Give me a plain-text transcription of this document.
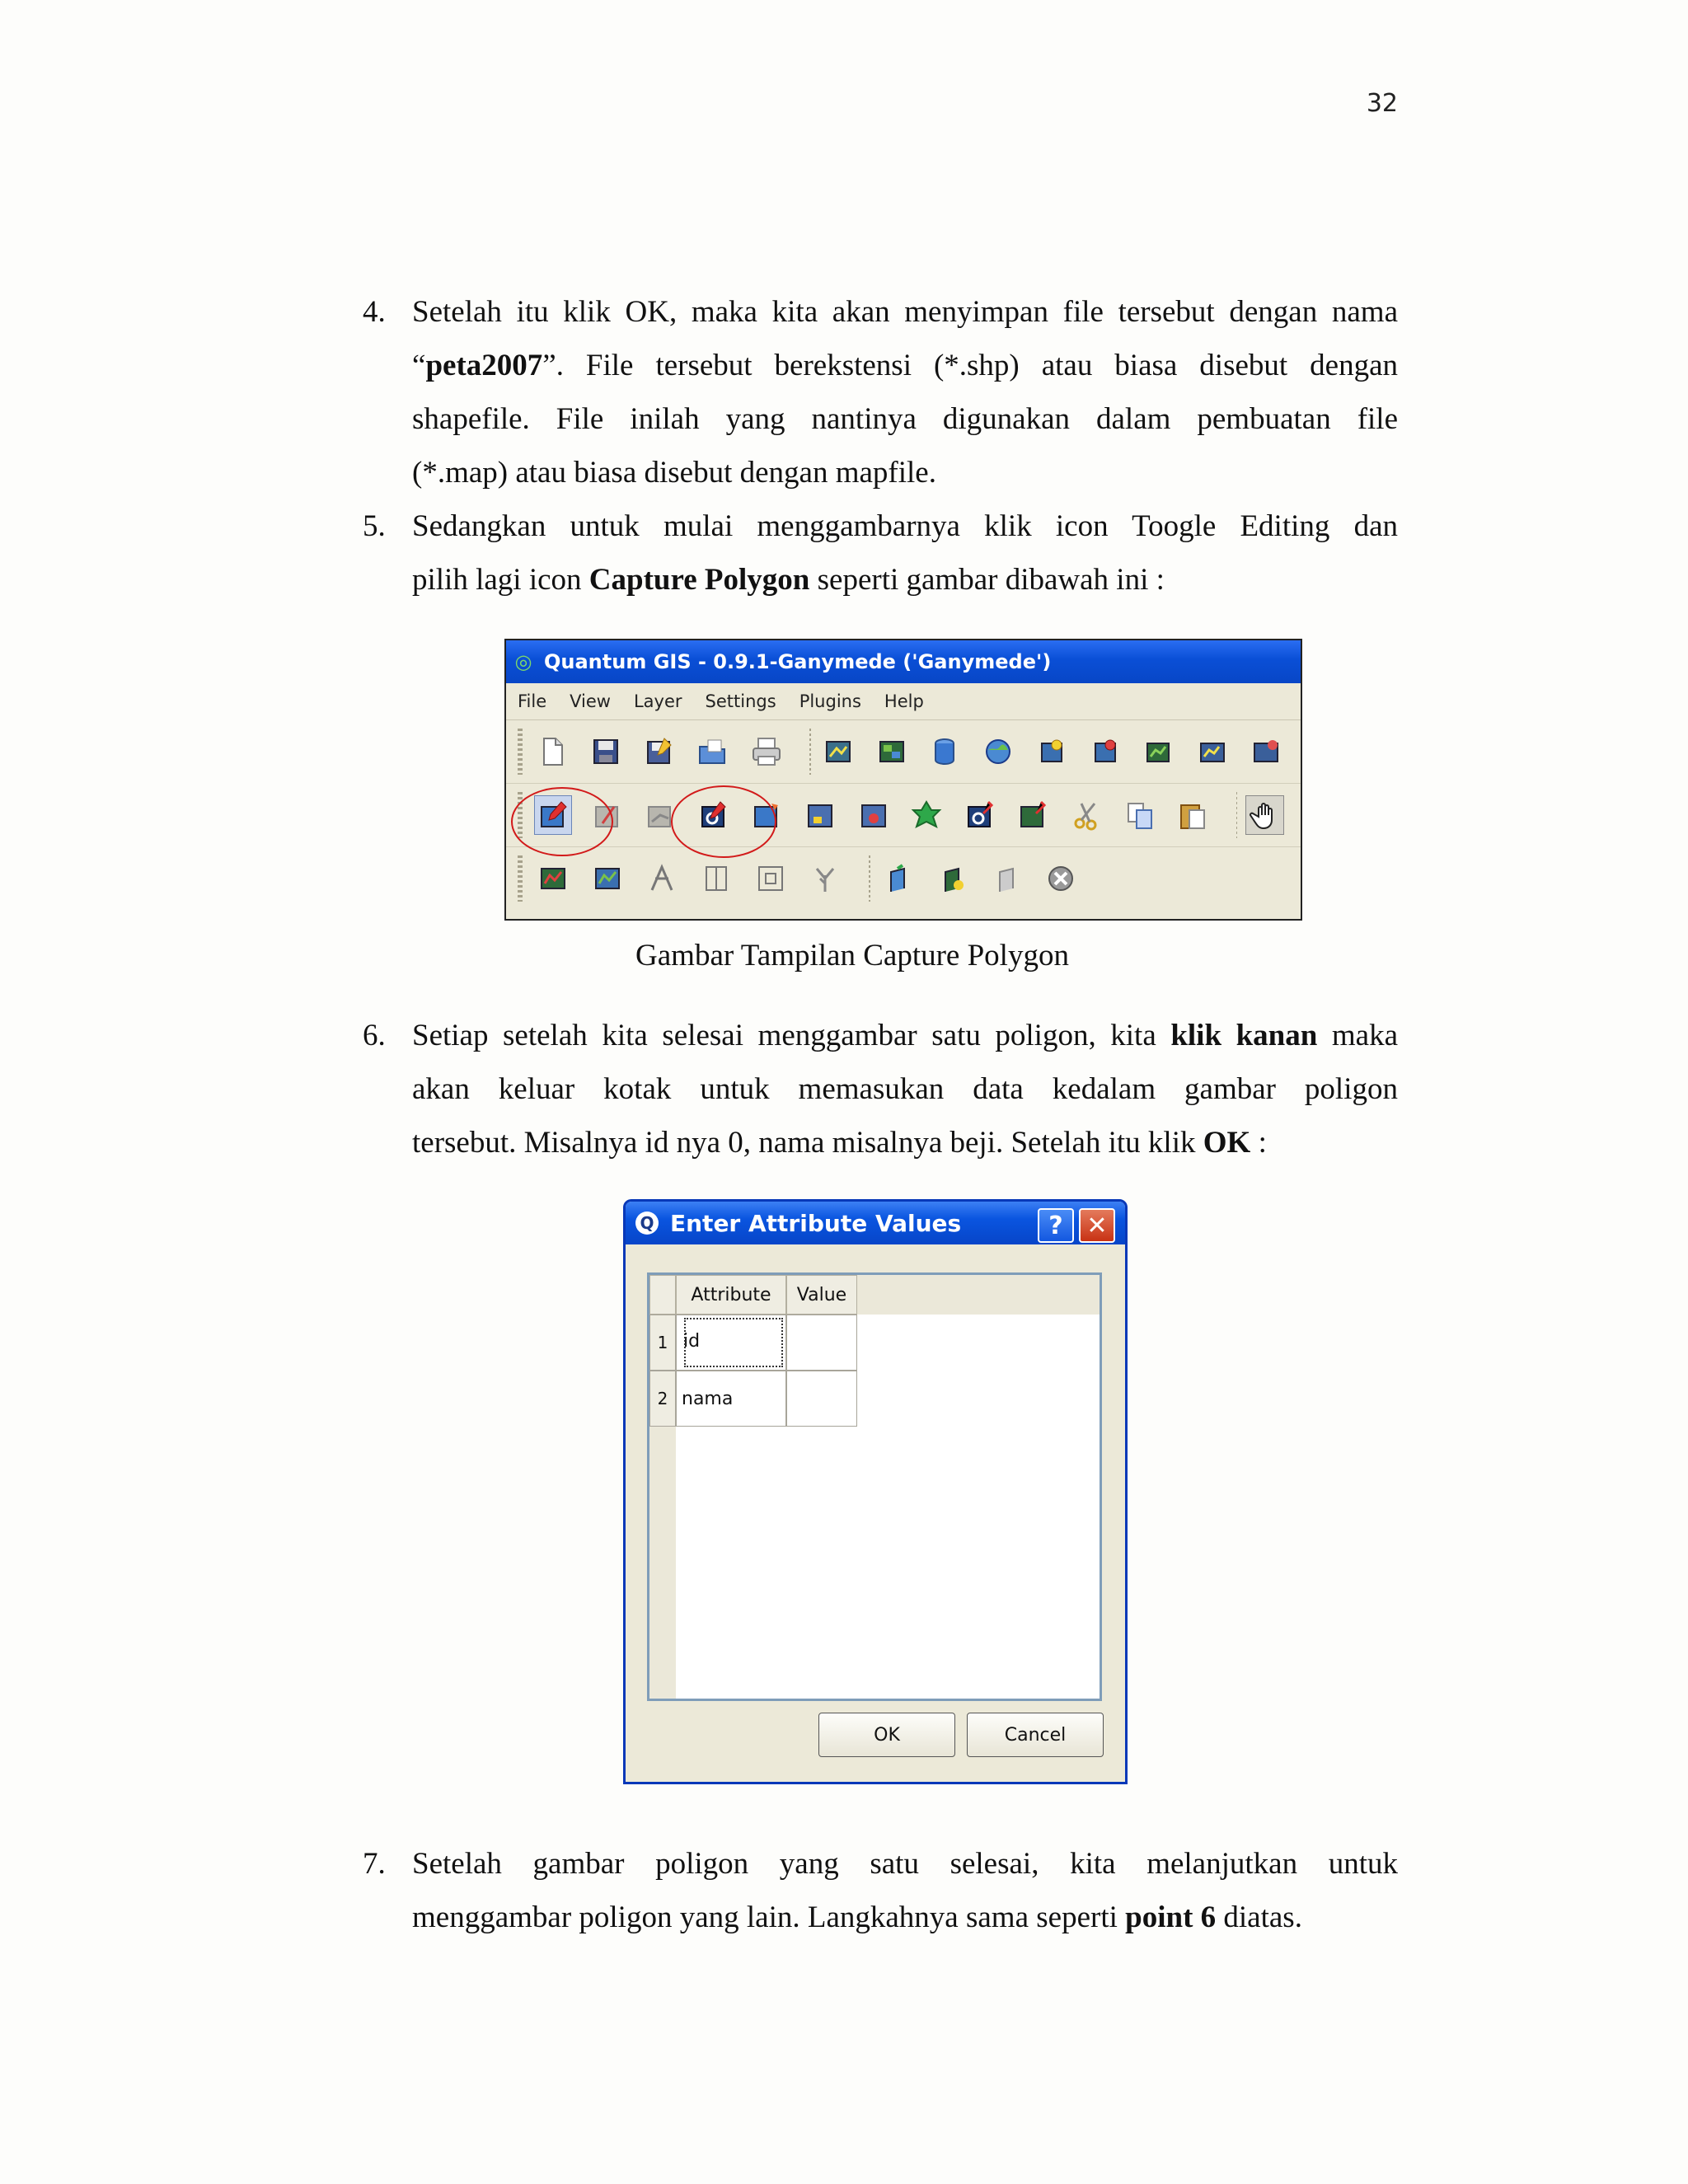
32
4. Setelah itu klik OK, maka kita akan menyimpan file tersebut dengan nama
“peta2007”. File tersebut berekstensi (*.shp) atau biasa disebut dengan
shapefile. File inilah yang nantinya digunakan dalam pembuatan file
(*.map) atau biasa disebut dengan mapfile.
5. Sedangkan untuk mulai menggambarnya klik icon Toogle Editing dan
pilih lagi icon Capture Polygon seperti gambar dibawah ini :
◎ Quantum GIS - 0.9.1-Ganymede ('Ganymede')
File View Layer Settings Plugins Help
Gambar Tampilan Capture Polygon
6. Setiap setelah kita selesai menggambar satu poligon, kita klik kanan maka
akan keluar kotak untuk memasukan data kedalam gambar poligon
tersebut. Misalnya id nya 0, nama misalnya beji. Setelah itu klik OK :
Q Enter Attribute Values	? ✕
Attribute	Value
1 id
2 nama
OK	Cancel
7. Setelah gambar poligon yang satu selesai, kita melanjutkan untuk
menggambar poligon yang lain. Langkahnya sama seperti point 6 diatas.
